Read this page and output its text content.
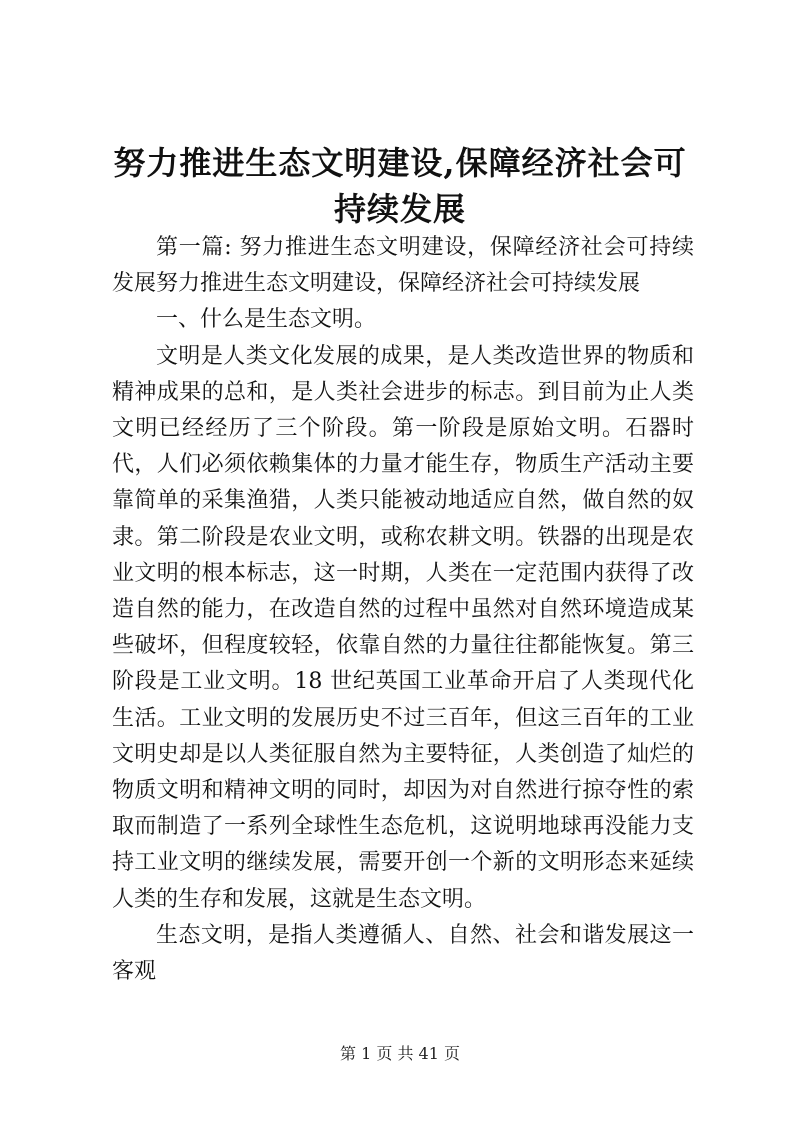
努力推进生态文明建设,保障经济社会可持续发展

第一篇: 努力推进生态文明建设，保障经济社会可持续发展努力推进生态文明建设，保障经济社会可持续发展

一、什么是生态文明。

文明是人类文化发展的成果，是人类改造世界的物质和精神成果的总和，是人类社会进步的标志。到目前为止人类文明已经经历了三个阶段。第一阶段是原始文明。石器时代，人们必须依赖集体的力量才能生存，物质生产活动主要靠简单的采集渔猎，人类只能被动地适应自然，做自然的奴隶。第二阶段是农业文明，或称农耕文明。铁器的出现是农业文明的根本标志，这一时期，人类在一定范围内获得了改造自然的能力，在改造自然的过程中虽然对自然环境造成某些破坏，但程度较轻，依靠自然的力量往往都能恢复。第三阶段是工业文明。18 世纪英国工业革命开启了人类现代化生活。工业文明的发展历史不过三百年，但这三百年的工业文明史却是以人类征服自然为主要特征，人类创造了灿烂的物质文明和精神文明的同时，却因为对自然进行掠夺性的索取而制造了一系列全球性生态危机，这说明地球再没能力支持工业文明的继续发展，需要开创一个新的文明形态来延续人类的生存和发展，这就是生态文明。

生态文明，是指人类遵循人、自然、社会和谐发展这一客观

第 1 页 共 41 页
